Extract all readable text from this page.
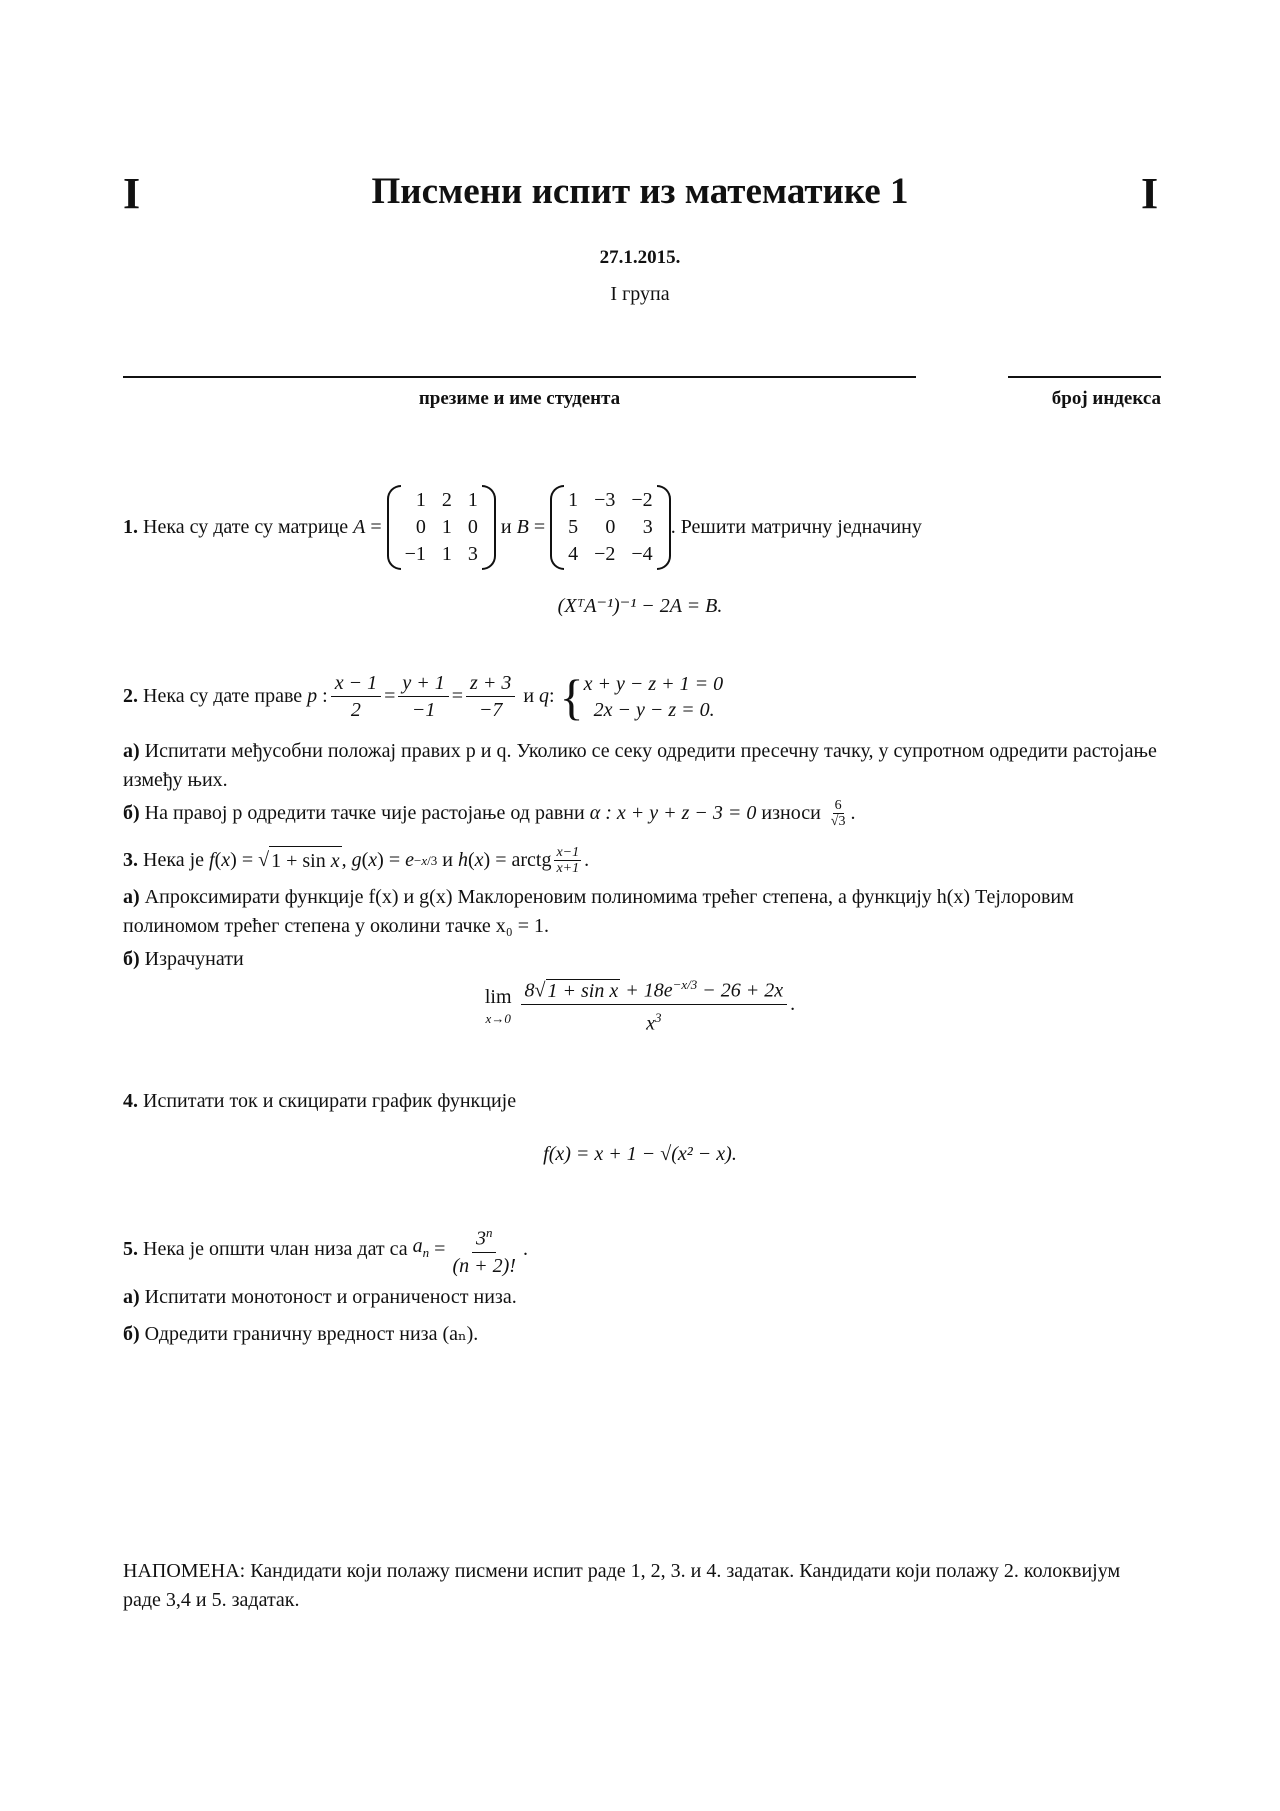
I	I
Писмени испит из математике 1
27.1.2015.
I група
презиме и име студента	број индекса
1.
Нека су дате су матрице
A =
1 2 1
0 1 0
−1 1 3

и
B =
1 −3 −2
5	0	3
4 −2 −4
. Решити матричну једначину
(XᵀA⁻¹)⁻¹ − 2A = B.
2.
Нека су дате праве
p : $\frac{x - 1}{2} = \frac{y + 1}{-1} = \frac{z + 3}{-7}$
и
q : { x + y − z + 1 = 0
2x − y − z = 0.
а) Испитати међусобни положај правих p и q. Уколико се секу одредити пресечну тачку, у супротном одредити растојање између њих.
б)
На правој p одредити тачке чије растојање од равни
α : x + y + z − 3 = 0
износи
$\frac{6}{√3}$ .
3.
Нека је
f ( x ) = √ 1 + sin x , g ( x ) = e −x/3
и
h ( x ) = arctg $\frac{x-1}{x+1}$ .
а) Апроксимирати функције f(x) и g(x) Маклореновим полиномима трећег степена, а функцију h(x) Тејлоровим полиномом трећег степена у околини тачке x₀ = 1.
б) Израчунати
lim
$x\to 0 \frac{8√ 1 + \sin x + 18e^{-x/3} - 26 + 2x}{x^3}$ .
4. Испитати ток и скицирати график функције
f(x) = x + 1 − √(x² − x).
5.
Нека је општи члан низа дат са
$a_n = \frac{3^n}{(n + 2)!}$ .
а) Испитати монотоност и ограниченост низа.
б) Одредити граничну вредност низа (aₙ).
НАПОМЕНА: Кандидати који полажу писмени испит раде 1, 2, 3. и 4. задатак. Кандидати који полажу 2. колоквијум раде 3,4 и 5. задатак.
